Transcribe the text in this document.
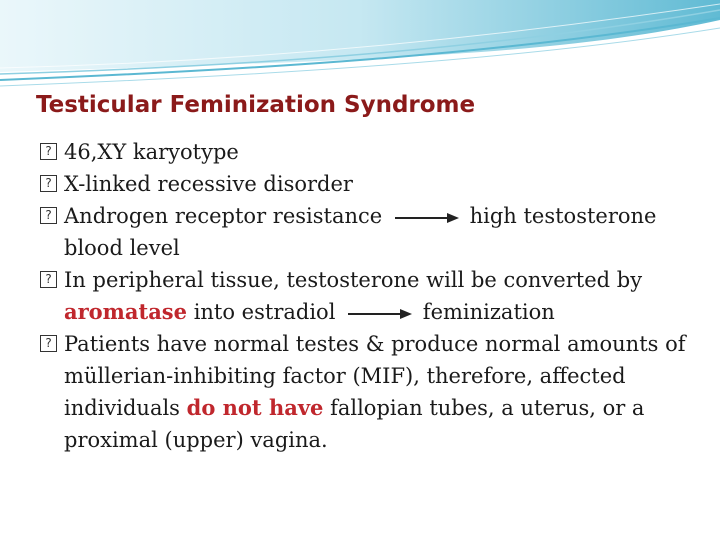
Testicular Feminization Syndrome
? 46,XY karyotype
? X-linked recessive disorder
? Androgen receptor resistance	high testosterone blood level
? In peripheral tissue, testosterone will be converted by aromatase into estradiol	feminization
? Patients have normal testes & produce normal amounts of müllerian-inhibiting factor (MIF), therefore, affected individuals do not have fallopian tubes, a uterus, or a proximal (upper) vagina.
